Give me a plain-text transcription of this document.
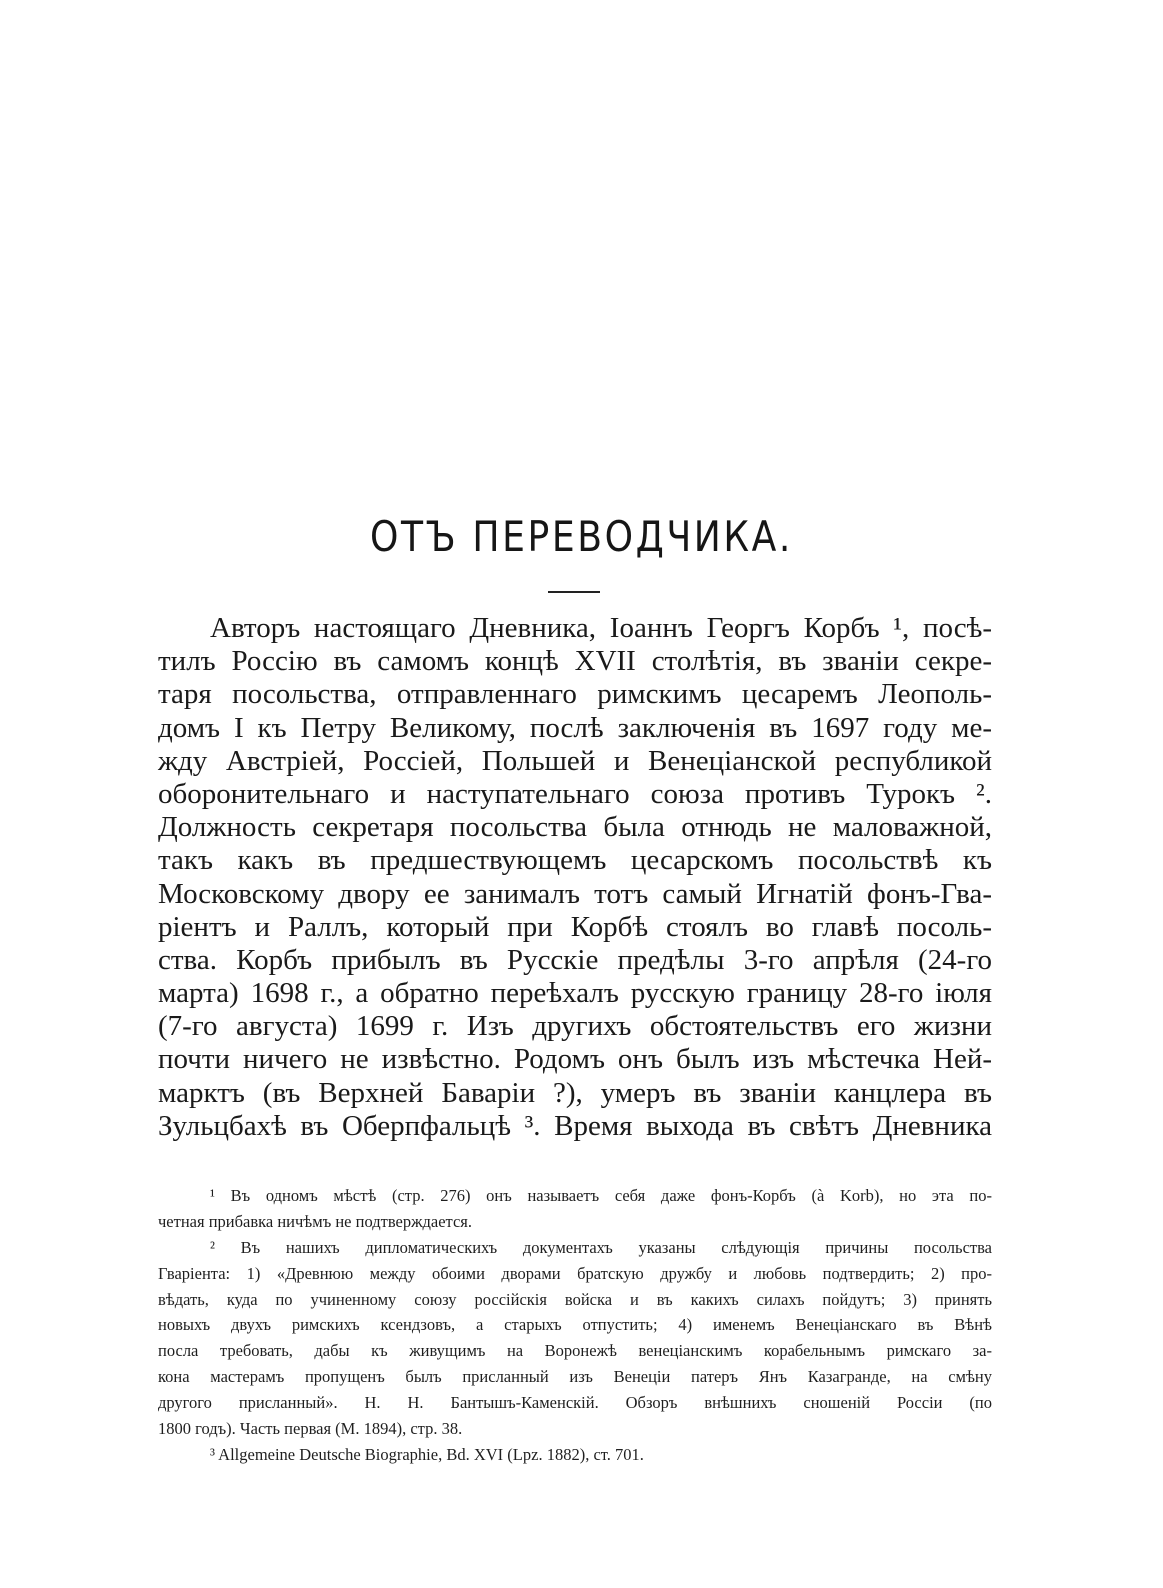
ОТЪ ПЕРЕВОДЧИКА.
Авторъ настоящаго Дневника, Іоаннъ Георгъ Корбъ ¹, посѣ-
тилъ Россію въ самомъ концѣ XVII столѣтія, въ званіи секре-
таря посольства, отправленнаго римскимъ цесаремъ Леополь-
домъ I къ Петру Великому, послѣ заключенія въ 1697 году ме-
жду Австріей, Россіей, Польшей и Венеціанской республикой
оборонительнаго и наступательнаго союза противъ Турокъ ².
Должность секретаря посольства была отнюдь не маловажной,
такъ какъ въ предшествующемъ цесарскомъ посольствѣ къ
Московскому двору ее занималъ тотъ самый Игнатій фонъ-Гва-
ріентъ и Раллъ, который при Корбѣ стоялъ во главѣ посоль-
ства. Корбъ прибылъ въ Русскіе предѣлы 3-го апрѣля (24-го
марта) 1698 г., а обратно переѣхалъ русскую границу 28-го іюля
(7-го августа) 1699 г. Изъ другихъ обстоятельствъ его жизни
почти ничего не извѣстно. Родомъ онъ былъ изъ мѣстечка Ней-
марктъ (въ Верхней Баваріи ?), умеръ въ званіи канцлера въ
Зульцбахѣ въ Оберпфальцѣ ³. Время выхода въ свѣтъ Дневника
¹ Въ одномъ мѣстѣ (стр. 276) онъ называетъ себя даже фонъ-Корбъ (à Korb), но эта по-
четная прибавка ничѣмъ не подтверждается.
² Въ нашихъ дипломатическихъ документахъ указаны слѣдующія причины посольства
Гваріента: 1) «Древнюю между обоими дворами братскую дружбу и любовь подтвердить; 2) про-
вѣдать, куда по учиненному союзу россійскія войска и въ какихъ силахъ пойдутъ; 3) принять
новыхъ двухъ римскихъ ксендзовъ, а старыхъ отпустить; 4) именемъ Венеціанскаго въ Вѣнѣ
посла требовать, дабы къ живущимъ на Воронежѣ венеціанскимъ корабельнымъ римскаго за-
кона мастерамъ пропущенъ былъ присланный изъ Венеціи патеръ Янъ Казагранде, на смѣну
другого присланный». Н. Н. Бантышъ-Каменскій. Обзоръ внѣшнихъ сношеній Россіи (по
1800 годъ). Часть первая (М. 1894), стр. 38.
³ Allgemeine Deutsche Biographie, Bd. XVI (Lpz. 1882), ст. 701.
